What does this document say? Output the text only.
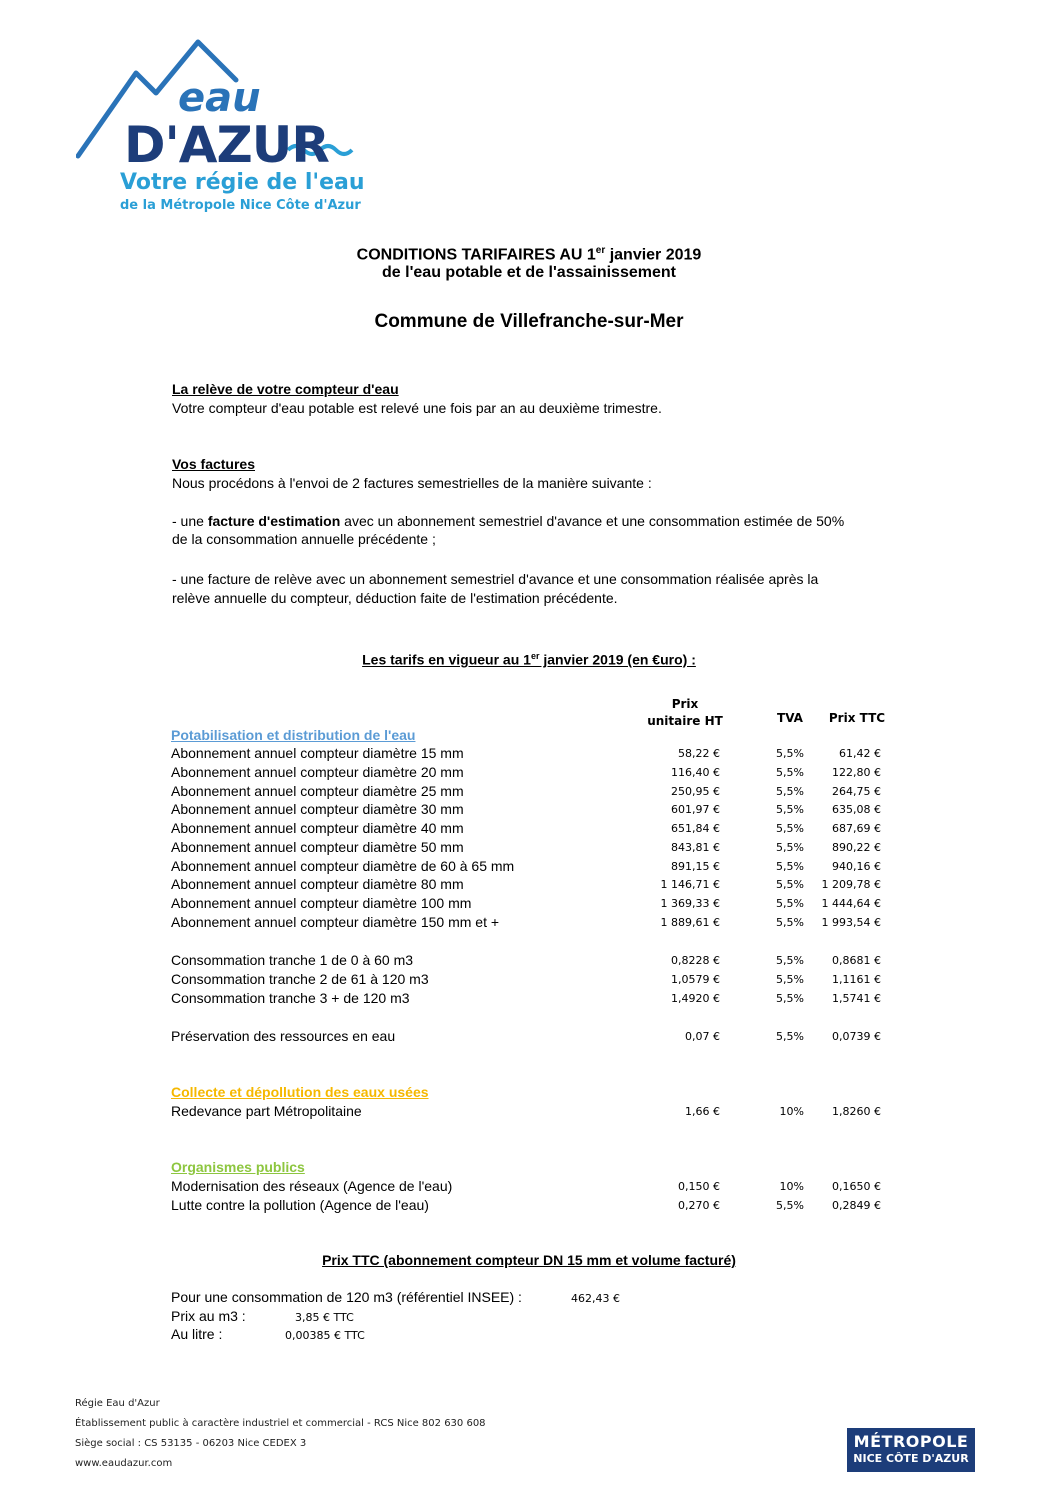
eau
D'AZUR
Votre régie de l'eau
de la Métropole Nice Côte d'Azur
CONDITIONS TARIFAIRES AU 1er janvier 2019
de l'eau potable et de l'assainissement
Commune de Villefranche-sur-Mer
La relève de votre compteur d'eau
Votre compteur d'eau potable est relevé une fois par an au deuxième trimestre.
Vos factures
Nous procédons à l'envoi de 2 factures semestrielles de la manière suivante :
- une facture d'estimation avec un abonnement semestriel d'avance et une consommation estimée de 50%
de la consommation annuelle précédente ;
- une facture de relève avec un abonnement semestriel d'avance et une consommation réalisée après la
relève annuelle du compteur, déduction faite de l'estimation précédente.
Les tarifs en vigueur au 1er janvier 2019 (en €uro) :
Prix
unitaire HT	TVA	Prix TTC
Potabilisation et distribution de l'eau
Abonnement annuel compteur diamètre 15 mm	58,22 €	5,5%	61,42 €
Abonnement annuel compteur diamètre 20 mm	116,40 €	5,5%	122,80 €
Abonnement annuel compteur diamètre 25 mm	250,95 €	5,5%	264,75 €
Abonnement annuel compteur diamètre 30 mm	601,97 €	5,5%	635,08 €
Abonnement annuel compteur diamètre 40 mm	651,84 €	5,5%	687,69 €
Abonnement annuel compteur diamètre 50 mm	843,81 €	5,5%	890,22 €
Abonnement annuel compteur diamètre de 60 à 65 mm	891,15 €	5,5%	940,16 €
Abonnement annuel compteur diamètre 80 mm	1 146,71 €	5,5% 1 209,78 €
Abonnement annuel compteur diamètre 100 mm	1 369,33 €	5,5% 1 444,64 €
Abonnement annuel compteur diamètre 150 mm et +	1 889,61 €	5,5% 1 993,54 €
Consommation tranche 1 de 0 à 60 m3	0,8228 €	5,5%	0,8681 €
Consommation tranche 2 de 61 à 120 m3	1,0579 €	5,5%	1,1161 €
Consommation tranche 3 + de 120 m3	1,4920 €	5,5%	1,5741 €
Préservation des ressources en eau	0,07 €	5,5%	0,0739 €
Collecte et dépollution des eaux usées
Redevance part Métropolitaine	1,66 €	10%	1,8260 €
Organismes publics
Modernisation des réseaux (Agence de l'eau)	0,150 €	10%	0,1650 €
Lutte contre la pollution (Agence de l'eau)	0,270 €	5,5%	0,2849 €
Prix TTC (abonnement compteur DN 15 mm et volume facturé)
Pour une consommation de 120 m3 (référentiel INSEE) :	462,43 €
Prix au m3 :	3,85 € TTC
Au litre :	0,00385 € TTC
Régie Eau d'Azur
Établissement public à caractère industriel et commercial - RCS Nice 802 630 608
Siège social : CS 53135 - 06203 Nice CEDEX 3
www.eaudazur.com
MÉTROPOLE
NICE CÔTE D'AZUR
